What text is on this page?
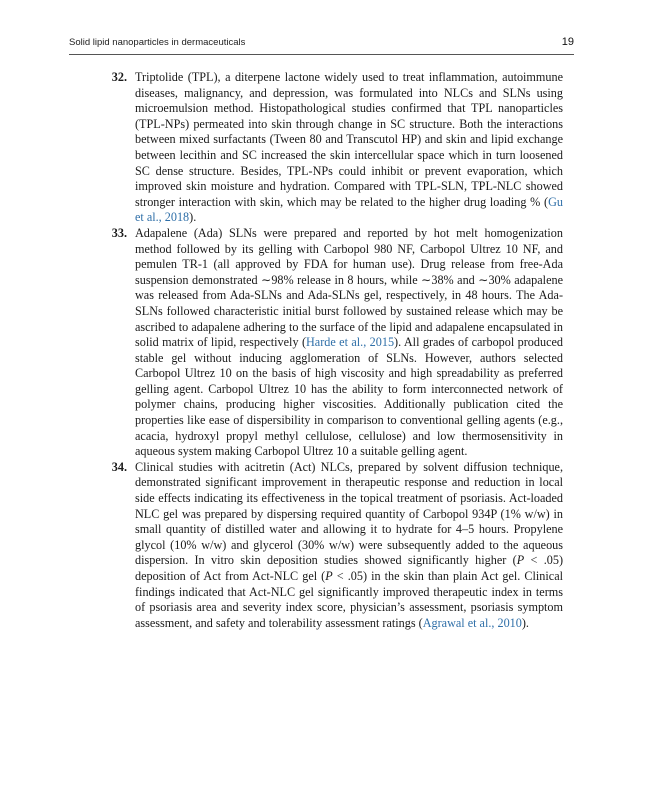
Solid lipid nanoparticles in dermaceuticals	19
32. Triptolide (TPL), a diterpene lactone widely used to treat inflammation, autoimmune diseases, malignancy, and depression, was formulated into NLCs and SLNs using microemulsion method. Histopathological studies confirmed that TPL nanoparticles (TPL-NPs) permeated into skin through change in SC structure. Both the interactions between mixed surfactants (Tween 80 and Transcutol HP) and skin and lipid exchange between lecithin and SC increased the skin intercellular space which in turn loosened SC dense structure. Besides, TPL-NPs could inhibit or prevent evaporation, which improved skin moisture and hydration. Compared with TPL-SLN, TPL-NLC showed stronger interaction with skin, which may be related to the higher drug loading % (Gu et al., 2018).
33. Adapalene (Ada) SLNs were prepared and reported by hot melt homogenization method followed by its gelling with Carbopol 980 NF, Carbopol Ultrez 10 NF, and pemulen TR-1 (all approved by FDA for human use). Drug release from free-Ada suspension demonstrated ∼98% release in 8 hours, while ∼38% and ∼30% adapalene was released from Ada-SLNs and Ada-SLNs gel, respectively, in 48 hours. The Ada-SLNs followed characteristic initial burst followed by sustained release which may be ascribed to adapalene adhering to the surface of the lipid and adapalene encapsulated in solid matrix of lipid, respectively (Harde et al., 2015). All grades of carbopol produced stable gel without inducing agglomeration of SLNs. However, authors selected Carbopol Ultrez 10 on the basis of high viscosity and high spreadability as preferred gelling agent. Carbopol Ultrez 10 has the ability to form interconnected network of polymer chains, producing higher viscosities. Additionally publication cited the properties like ease of dispersibility in comparison to conventional gelling agents (e.g., acacia, hydroxyl propyl methyl cellulose, cellulose) and low thermosensitivity in aqueous system making Carbopol Ultrez 10 a suitable gelling agent.
34. Clinical studies with acitretin (Act) NLCs, prepared by solvent diffusion technique, demonstrated significant improvement in therapeutic response and reduction in local side effects indicating its effectiveness in the topical treatment of psoriasis. Act-loaded NLC gel was prepared by dispersing required quantity of Carbopol 934P (1% w/w) in small quantity of distilled water and allowing it to hydrate for 4–5 hours. Propylene glycol (10% w/w) and glycerol (30% w/w) were subsequently added to the aqueous dispersion. In vitro skin deposition studies showed significantly higher (P < .05) deposition of Act from Act-NLC gel (P < .05) in the skin than plain Act gel. Clinical findings indicated that Act-NLC gel significantly improved therapeutic index in terms of psoriasis area and severity index score, physician’s assessment, psoriasis symptom assessment, and safety and tolerability assessment ratings (Agrawal et al., 2010).
